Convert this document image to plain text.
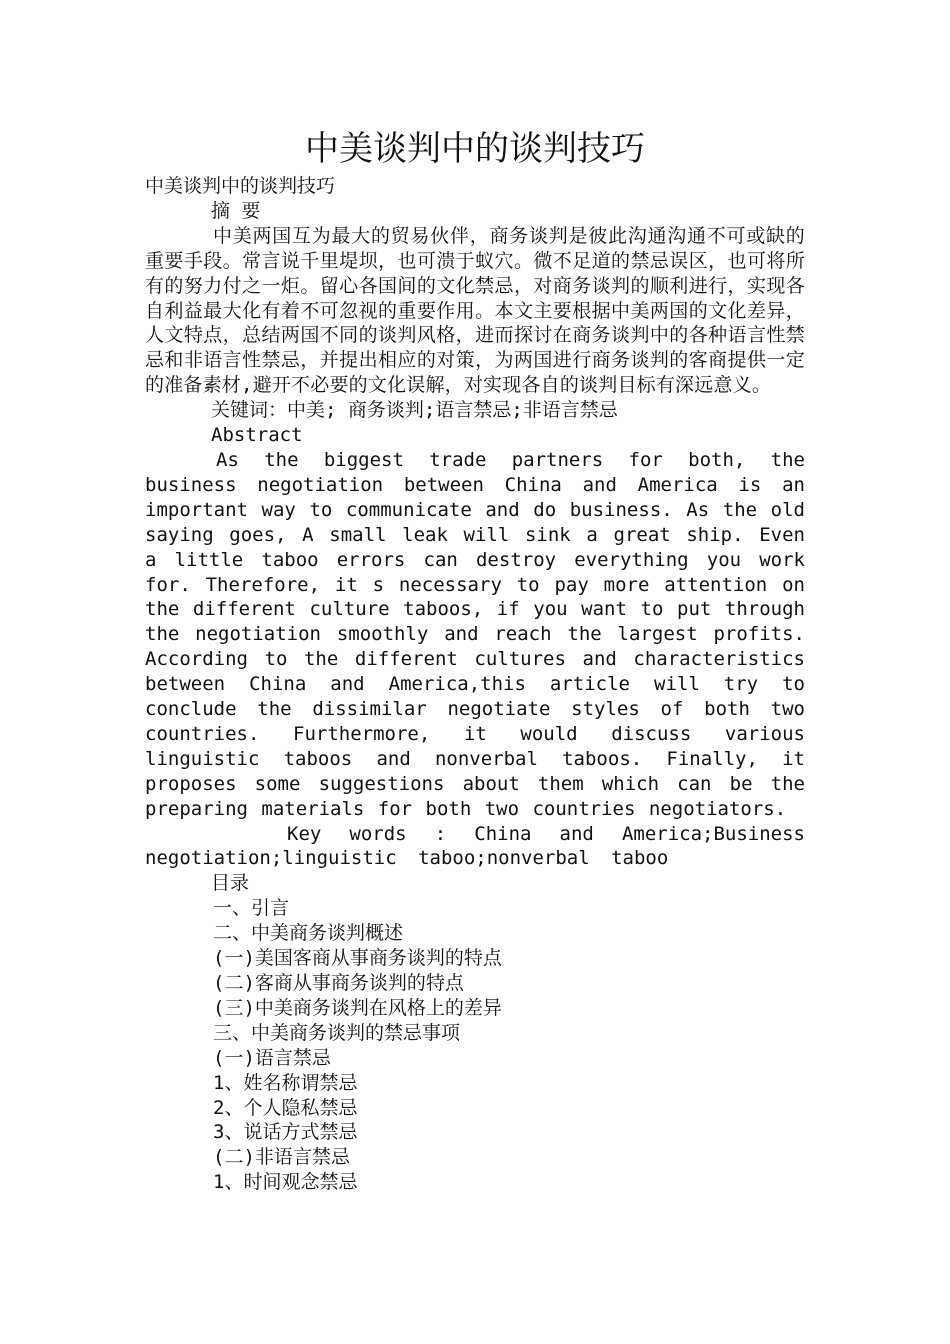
中美谈判中的谈判技巧

中美谈判中的谈判技巧

摘 要

中美两国互为最大的贸易伙伴，商务谈判是彼此沟通沟通不可或缺的重要手段。常言说千里堤坝，也可溃于蚁穴。微不足道的禁忌误区，也可将所有的努力付之一炬。留心各国间的文化禁忌，对商务谈判的顺利进行，实现各自利益最大化有着不可忽视的重要作用。本文主要根据中美两国的文化差异，人文特点，总结两国不同的谈判风格，进而探讨在商务谈判中的各种语言性禁忌和非语言性禁忌，并提出相应的对策，为两国进行商务谈判的客商提供一定的准备素材,避开不必要的文化误解，对实现各自的谈判目标有深远意义。

关键词：中美; 商务谈判;语言禁忌;非语言禁忌

Abstract

As the biggest trade partners for both, the business negotiation between China and America is an important way to communicate and do business. As the old saying goes, A small leak will sink a great ship. Even a little taboo errors can destroy everything you work for. Therefore, it s necessary to pay more attention on the different culture taboos, if you want to put through the negotiation smoothly and reach the largest profits. According to the different cultures and characteristics between China and America,this article will try to conclude the dissimilar negotiate styles of both two countries. Furthermore, it would discuss various linguistic taboos and nonverbal taboos. Finally, it proposes some suggestions about them which can be the preparing materials for both two countries negotiators.

Key words : China and America;Business negotiation;linguistic taboo;nonverbal taboo

目录

一、引言
二、中美商务谈判概述
(一)美国客商从事商务谈判的特点
(二)客商从事商务谈判的特点
(三)中美商务谈判在风格上的差异
三、中美商务谈判的禁忌事项
(一)语言禁忌
1、姓名称谓禁忌
2、个人隐私禁忌
3、说话方式禁忌
(二)非语言禁忌
1、时间观念禁忌
